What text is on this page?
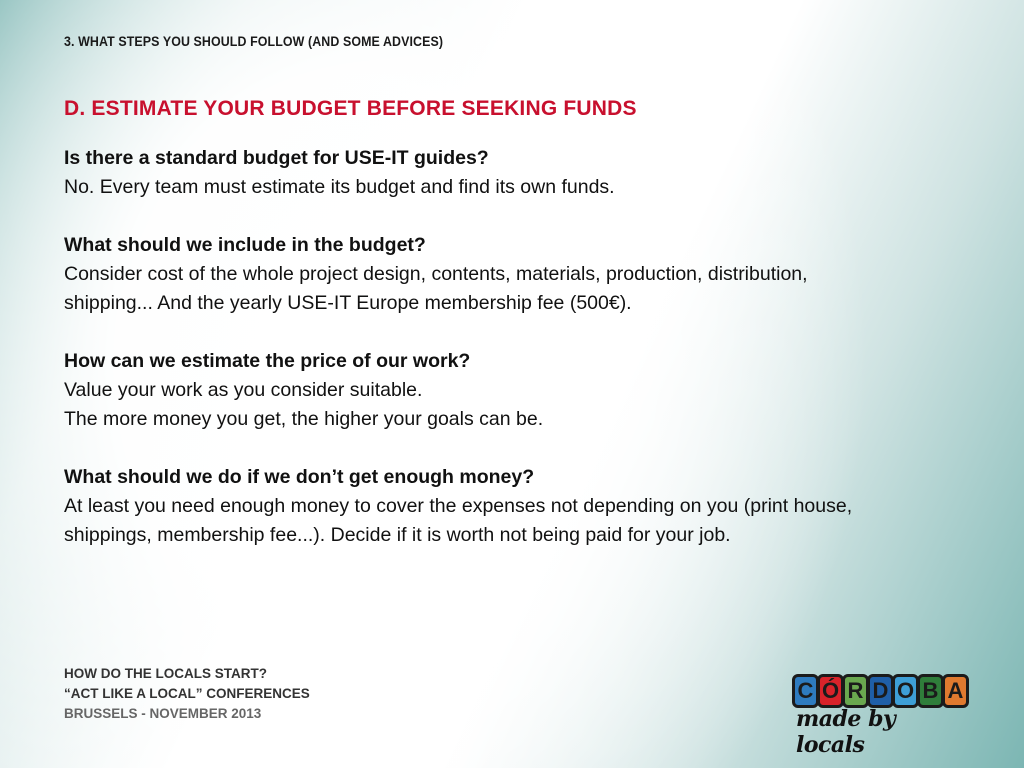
3. WHAT STEPS YOU SHOULD FOLLOW (AND SOME ADVICES)
D. ESTIMATE YOUR BUDGET BEFORE SEEKING FUNDS
Is there a standard budget for USE-IT guides?
No. Every team must estimate its budget and find its own funds.
What should we include in the budget?
Consider cost of the whole project design, contents, materials, production, distribution,
shipping... And the yearly USE-IT Europe membership fee (500€).
How can we estimate the price of our work?
Value your work as you consider suitable.
The more money you get, the higher your goals can be.
What should we do if we don’t get enough money?
At least you need enough money to cover the expenses not depending on you (print house,
shippings, membership fee...). Decide if it is worth not being paid for your job.
HOW DO THE LOCALS START?
“ACT LIKE A LOCAL” CONFERENCES
BRUSSELS - NOVEMBER 2013
C Ó R D O B A
made by locals
